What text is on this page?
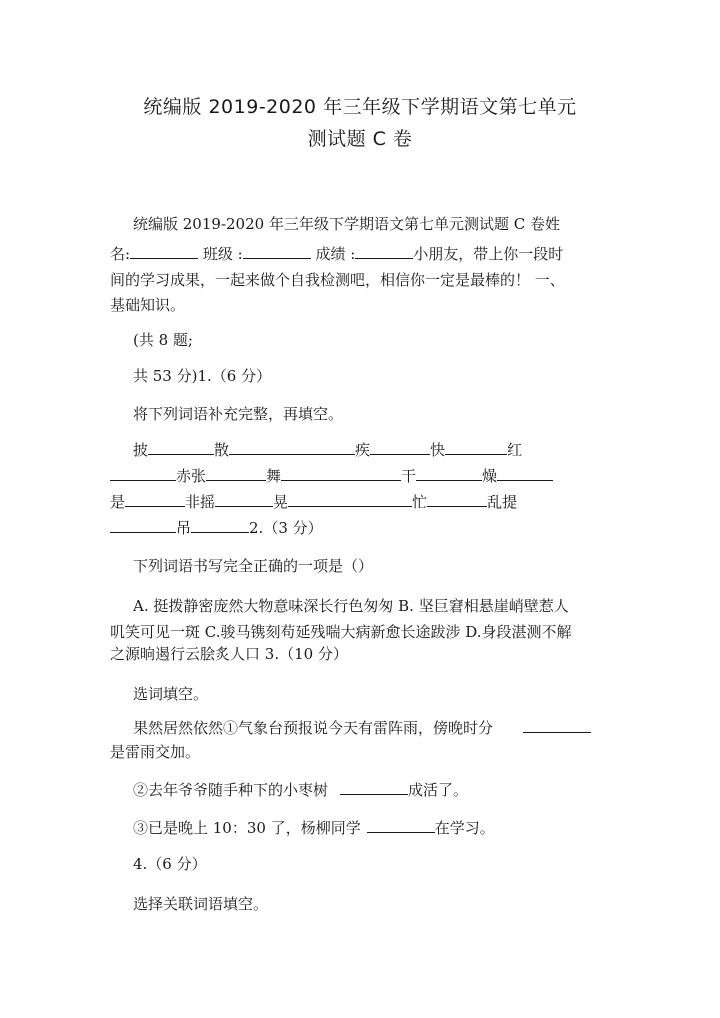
统编版 2019-2020 年三年级下学期语文第七单元
测试题 C 卷
统编版 2019-2020 年三年级下学期语文第七单元测试题 C 卷姓
名:	班级 :	成绩 :	小朋友，带上你一段时
间的学习成果，一起来做个自我检测吧，相信你一定是最棒的！ 一、
基础知识。
(共 8 题;
共 53 分)1.（6 分）
将下列词语补充完整，再填空。
披	散	疾	快	红
赤张	舞	干	燥
是	非摇	晃	忙	乱提
吊	2.（3 分）
下列词语书写完全正确的一项是（）
A. 挺拨静密庞然大物意味深长行色匆匆 B. 坚巨窘相悬崖峭壁惹人
叽笑可见一斑 C.骏马镌刻苟延残喘大病新愈长途跋涉 D.身段湛测不解
之源晌遏行云脍炙人口 3.（10 分）
选词填空。
果然居然依然①气象台预报说今天有雷阵雨，傍晚时分
是雷雨交加。
②去年爷爷随手种下的小枣树	成活了。
③已是晚上 10：30 了，杨柳同学	在学习。
4.（6 分）
选择关联词语填空。
